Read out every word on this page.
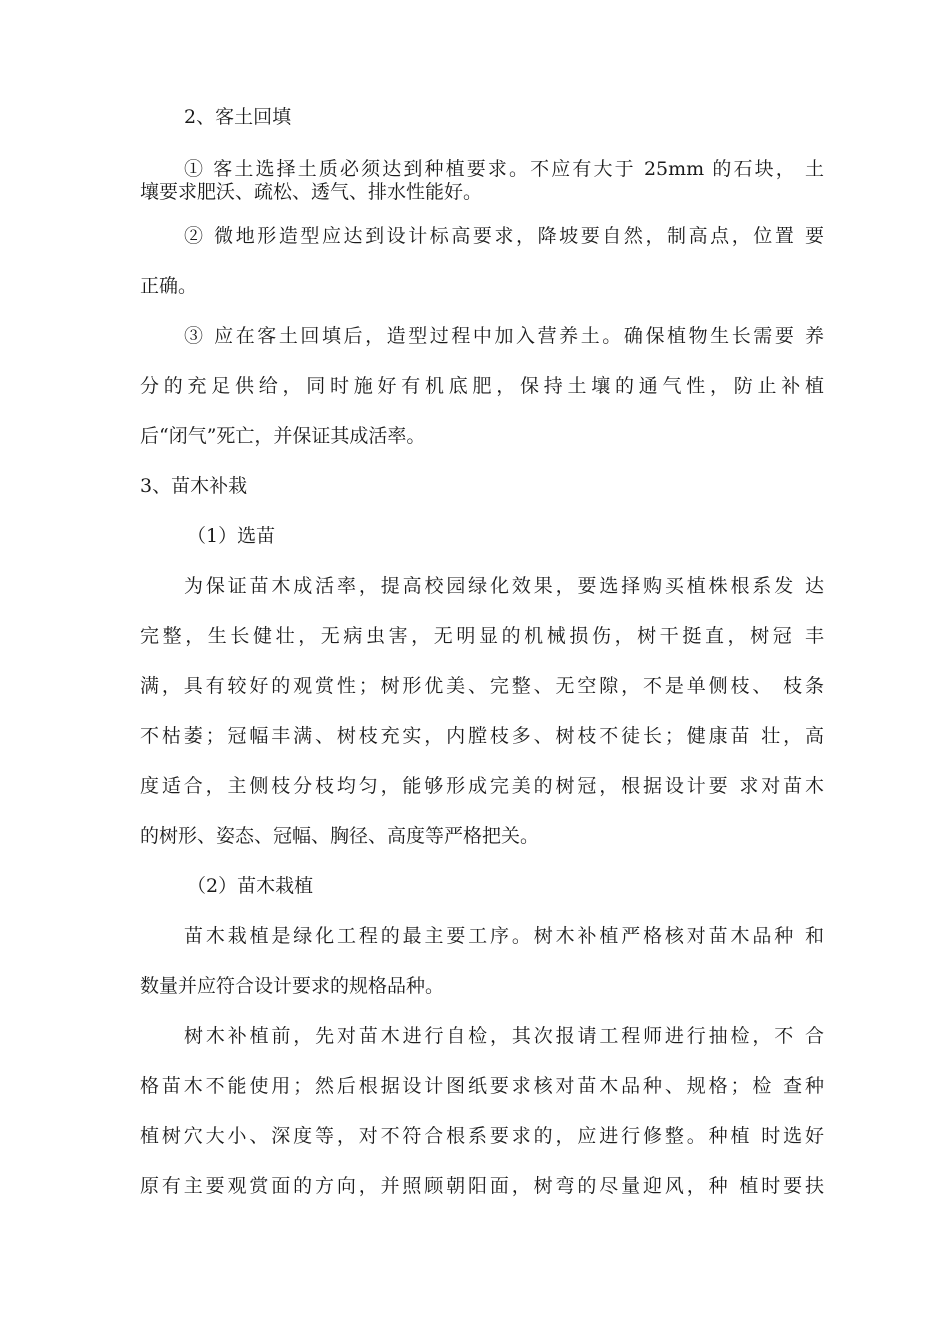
2、客土回填
① 客土选择土质必须达到种植要求。不应有大于 25mm 的石块， 土
壤要求肥沃、疏松、透气、排水性能好。
② 微地形造型应达到设计标高要求，降坡要自然，制高点，位置 要
正确。
③ 应在客土回填后，造型过程中加入营养土。确保植物生长需要 养
分的充足供给，同时施好有机底肥，保持土壤的通气性，防止补植
后“闭气”死亡，并保证其成活率。
3、苗木补栽
（1）选苗
为保证苗木成活率，提高校园绿化效果，要选择购买植株根系发 达
完整，生长健壮，无病虫害，无明显的机械损伤，树干挺直，树冠 丰
满，具有较好的观赏性；树形优美、完整、无空隙，不是单侧枝、 枝条
不枯萎；冠幅丰满、树枝充实，内膛枝多、树枝不徒长；健康苗 壮，高
度适合，主侧枝分枝均匀，能够形成完美的树冠，根据设计要 求对苗木
的树形、姿态、冠幅、胸径、高度等严格把关。
（2）苗木栽植
苗木栽植是绿化工程的最主要工序。树木补植严格核对苗木品种 和
数量并应符合设计要求的规格品种。
树木补植前，先对苗木进行自检，其次报请工程师进行抽检，不 合
格苗木不能使用；然后根据设计图纸要求核对苗木品种、规格；检 查种
植树穴大小、深度等，对不符合根系要求的，应进行修整。种植 时选好
原有主要观赏面的方向，并照顾朝阳面，树弯的尽量迎风，种 植时要扶
